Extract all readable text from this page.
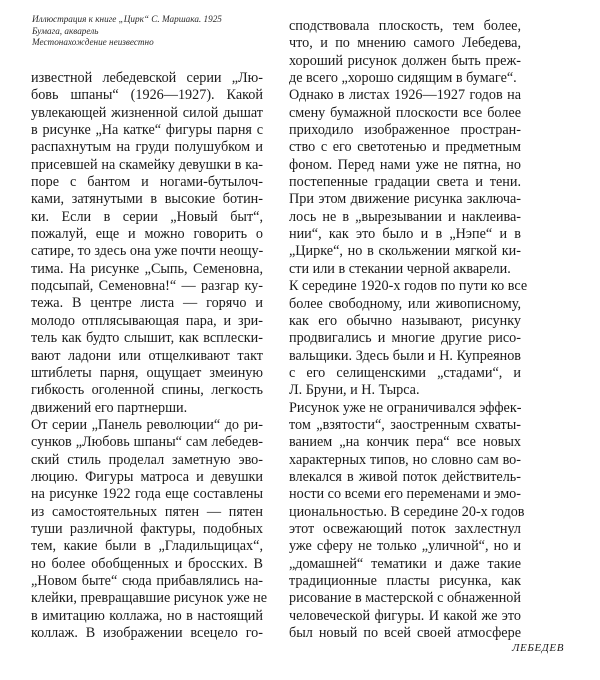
Иллюстрация к книге „Цирк“ С. Маршака. 1925
Бумага, акварель
Местонахождение неизвестно
известной лебедевской серии „Лю-
бовь шпаны“ (1926—1927). Какой
увлекающей жизненной силой дышат
в рисунке „На катке“ фигуры парня с
распахнутым на груди полушубком и
присевшей на скамейку девушки в ка-
поре с бантом и ногами-бутылоч-
ками, затянутыми в высокие ботин-
ки. Если в серии „Новый быт“,
пожалуй, еще и можно говорить о
сатире, то здесь она уже почти неощу-
тима. На рисунке „Сыпь, Семеновна,
подсыпай, Семеновна!“ — разгар ку-
тежа. В центре листа — горячо и
молодо отплясывающая пара, и зри-
тель как будто слышит, как всплески-
вают ладони или отщелкивают такт
штиблеты парня, ощущает змеиную
гибкость оголенной спины, легкость
движений его партнерши.
От серии „Панель революции“ до ри-
сунков „Любовь шпаны“ сам лебедев-
ский стиль проделал заметную эво-
люцию. Фигуры матроса и девушки
на рисунке 1922 года еще составлены
из самостоятельных пятен — пятен
туши различной фактуры, подобных
тем, какие были в „Гладильщицах“,
но более обобщенных и бросских. В
„Новом быте“ сюда прибавлялись на-
клейки, превращавшие рисунок уже не
в имитацию коллажа, но в настоящий
коллаж. В изображении всецело го-
сподствовала плоскость, тем более,
что, и по мнению самого Лебедева,
хороший рисунок должен быть преж-
де всего „хорошо сидящим в бумаге“.
Однако в листах 1926—1927 годов на
смену бумажной плоскости все более
приходило изображенное простран-
ство с его светотенью и предметным
фоном. Перед нами уже не пятна, но
постепенные градации света и тени.
При этом движение рисунка заключа-
лось не в „вырезывании и наклеива-
нии“, как это было и в „Нэпе“ и в
„Цирке“, но в скольжении мягкой ки-
сти или в стекании черной акварели.
К середине 1920-х годов по пути ко все
более свободному, или живописному,
как его обычно называют, рисунку
продвигались и многие другие рисо-
вальщики. Здесь были и Н. Купреянов
с его селищенскими „стадами“, и
Л. Бруни, и Н. Тырса.
Рисунок уже не ограничивался эффек-
том „взятости“, заостренным схваты-
ванием „на кончик пера“ все новых
характерных типов, но словно сам во-
влекался в живой поток действитель-
ности со всеми его переменами и эмо-
циональностью. В середине 20-х годов
этот освежающий поток захлестнул
уже сферу не только „уличной“, но и
„домашней“ тематики и даже такие
традиционные пласты рисунка, как
рисование в мастерской с обнаженной
человеческой фигуры. И какой же это
был новый по всей своей атмосфере
ЛЕБЕДЕВ
